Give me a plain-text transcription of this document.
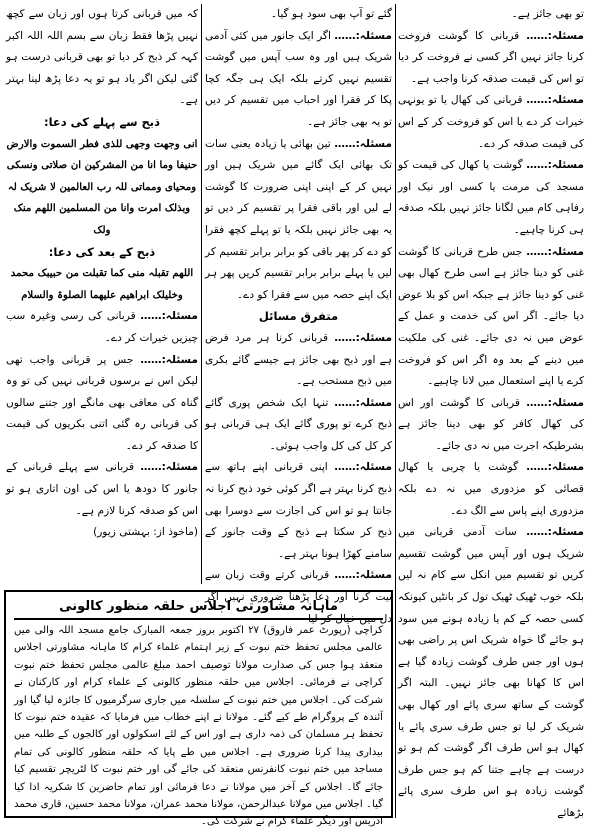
تو بھی جائز ہے۔

مسئلہ:…… قربانی کا گوشت فروخت کرنا جائز نہیں اگر کسی نے فروخت کر دیا تو اس کی قیمت صدقہ کرنا واجب ہے۔

مسئلہ:…… قربانی کی کھال یا تو یونہی خیرات کر دے یا اس کو فروخت کر کے اس کی قیمت صدقہ کر دے۔

مسئلہ:…… گوشت یا کھال کی قیمت کو مسجد کی مرمت یا کسی اور نیک اور رفاہی کام میں لگانا جائز نہیں بلکہ صدقہ ہی کرنا چاہیے۔

مسئلہ:…… جس طرح قربانی کا گوشت غنی کو دینا جائز ہے اسی طرح کھال بھی غنی کو دینا جائز ہے جبکہ اس کو بلا عوض دیا جائے۔ اگر اس کی خدمت و عمل کے عوض میں نہ دی جائے۔ غنی کی ملکیت میں دینے کے بعد وہ اگر اس کو فروخت کرے یا اپنے استعمال میں لانا چاہیے۔

مسئلہ:…… قربانی کا گوشت اور اس کی کھال کافر کو بھی دینا جائز ہے بشرطیکہ اجرت میں نہ دی جائے۔

مسئلہ:…… گوشت یا چربی یا کھال قصائی کو مزدوری میں نہ دے بلکہ مزدوری اپنے پاس سے الگ دے۔

مسئلہ:…… سات آدمی قربانی میں شریک ہوں اور آپس میں گوشت تقسیم کریں تو تقسیم میں انکل سے کام نہ لیں بلکہ خوب ٹھیک ٹھیک تول کر بانٹیں کیونکہ کسی حصہ کے کم یا زیادہ ہونے میں سود ہو جائے گا خواہ شریک اس پر راضی بھی ہوں اور جس طرف گوشت زیادہ گیا ہے اس کا کھانا بھی جائز نہیں۔ البتہ اگر گوشت کے ساتھ سری پائے اور کھال بھی شریک کر لیا تو جس طرف سری پائے یا کھال ہو اس طرف اگر گوشت کم ہو تو درست ہے چاہے جتنا کم ہو جس طرف گوشت زیادہ ہو اس طرف سری پائے بڑھائے

گئے تو آپ بھی سود ہو گیا۔

مسئلہ:…… اگر ایک جانور میں کئی آدمی شریک ہیں اور وہ سب آپس میں گوشت تقسیم نہیں کرتے بلکہ ایک ہی جگہ کچا پکا کر فقرا اور احباب میں تقسیم کر دیں تو یہ بھی جائز ہے۔

مسئلہ:…… تین بھائی یا زیادہ یعنی سات تک بھائی ایک گائے میں شریک ہیں اور نہیں کر کے اپنی اپنی ضرورت کا گوشت لے لیں اور باقی فقرا پر تقسیم کر دیں تو یہ بھی جائز نہیں بلکہ یا تو پہلے کچھ فقرا کو دے کر پھر باقی کو برابر برابر تقسیم کر لیں یا پہلے برابر برابر تقسیم کریں پھر ہر ایک اپنے حصہ میں سے فقرا کو دے۔

متفرق مسائل

مسئلہ:…… قربانی کرنا ہر مرد فرض ہے اور ذبح بھی جائز ہے جیسے گائے بکری میں ذبح مستحب ہے۔

مسئلہ:…… تنہا ایک شخص پوری گائے ذبح کرے تو پوری گائے ایک ہی قربانی ہو کر کل کی کل واجب ہوئی۔

مسئلہ:…… اپنی قربانی اپنے ہاتھ سے ذبح کرنا بہتر ہے اگر کوئی خود ذبح کرنا نہ جانتا ہو تو اس کی اجازت سے دوسرا بھی ذبح کر سکتا ہے ذبح کے وقت جانور کے سامنے کھڑا ہونا بہتر ہے۔

مسئلہ:…… قربانی کرتے وقت زبان سے نیت کرنا اور دعا پڑھنا ضروری نہیں اگر دل میں خیال کر لیا

کہ میں قربانی کرتا ہوں اور زبان سے کچھ نہیں پڑھا فقط زبان سے بسم اللہ اللہ اکبر کہہ کر ذبح کر دیا تو بھی قربانی درست ہو گئی لیکن اگر یاد ہو تو یہ دعا پڑھ لینا بہتر ہے۔

ذبح سے پہلے کی دعا:

انی وجھت وجھی للذی فطر السموت والارض حنیفا وما انا من المشرکین ان صلاتی ونسکی ومحیای ومماتی للہ رب العالمین لا شریک لہ وبذلک امرت وانا من المسلمین اللھم منک ولک

ذبح کے بعد کی دعا:

اللھم تقبلہ منی کما تقبلت من حبیبک محمد وخلیلک ابراھیم علیھما الصلوۃ والسلام

مسئلہ:…… قربانی کی رسی وغیرہ سب چیزیں خیرات کر دے۔

مسئلہ:…… جس پر قربانی واجب تھی لیکن اس نے برسوں قربانی نہیں کی تو وہ گناہ کی معافی بھی مانگے اور جتنے سالوں کی قربانی رہ گئی اتنی بکریوں کی قیمت کا صدقہ کر دے۔

مسئلہ:…… قربانی سے پہلے قربانی کے جانور کا دودھ یا اس کی اون اتاری ہو تو اس کو صدقہ کرنا لازم ہے۔

(ماخوذ از: بہشتی زیور)

ماہانہ مشاورتی اجلاس حلقہ منظور کالونی
کراچی (رپورٹ عمر فاروق) ۲۷ اکتوبر بروز جمعہ المبارک جامع مسجد اللہ والی میں عالمی مجلس تحفظ ختم نبوت کے زیر اہتمام علماء کرام کا ماہانہ مشاورتی اجلاس منعقد ہوا جس کی صدارت مولانا توصیف احمد مبلغ عالمی مجلس تحفظ ختم نبوت کراچی نے فرمائی۔ اجلاس میں حلقہ منظور کالونی کے علماء کرام اور کارکنان نے شرکت کی۔ اجلاس میں ختم نبوت کے سلسلہ میں جاری سرگرمیوں کا جائزہ لیا گیا اور آئندہ کے پروگرام طے کیے گئے۔ مولانا نے اپنے خطاب میں فرمایا کہ عقیدہ ختم نبوت کا تحفظ ہر مسلمان کی ذمہ داری ہے اور اس کے لئے اسکولوں اور کالجوں کے طلبہ میں بیداری پیدا کرنا ضروری ہے۔ اجلاس میں طے پایا کہ حلقہ منظور کالونی کی تمام مساجد میں ختم نبوت کانفرنس منعقد کی جائے گی اور ختم نبوت کا لٹریچر تقسیم کیا جائے گا۔ اجلاس کے آخر میں مولانا نے دعا فرمائی اور تمام حاضرین کا شکریہ ادا کیا گیا۔ اجلاس میں مولانا عبدالرحمن، مولانا محمد عمران، مولانا محمد حسین، قاری محمد ادریس اور دیگر علماء کرام نے شرکت کی۔
